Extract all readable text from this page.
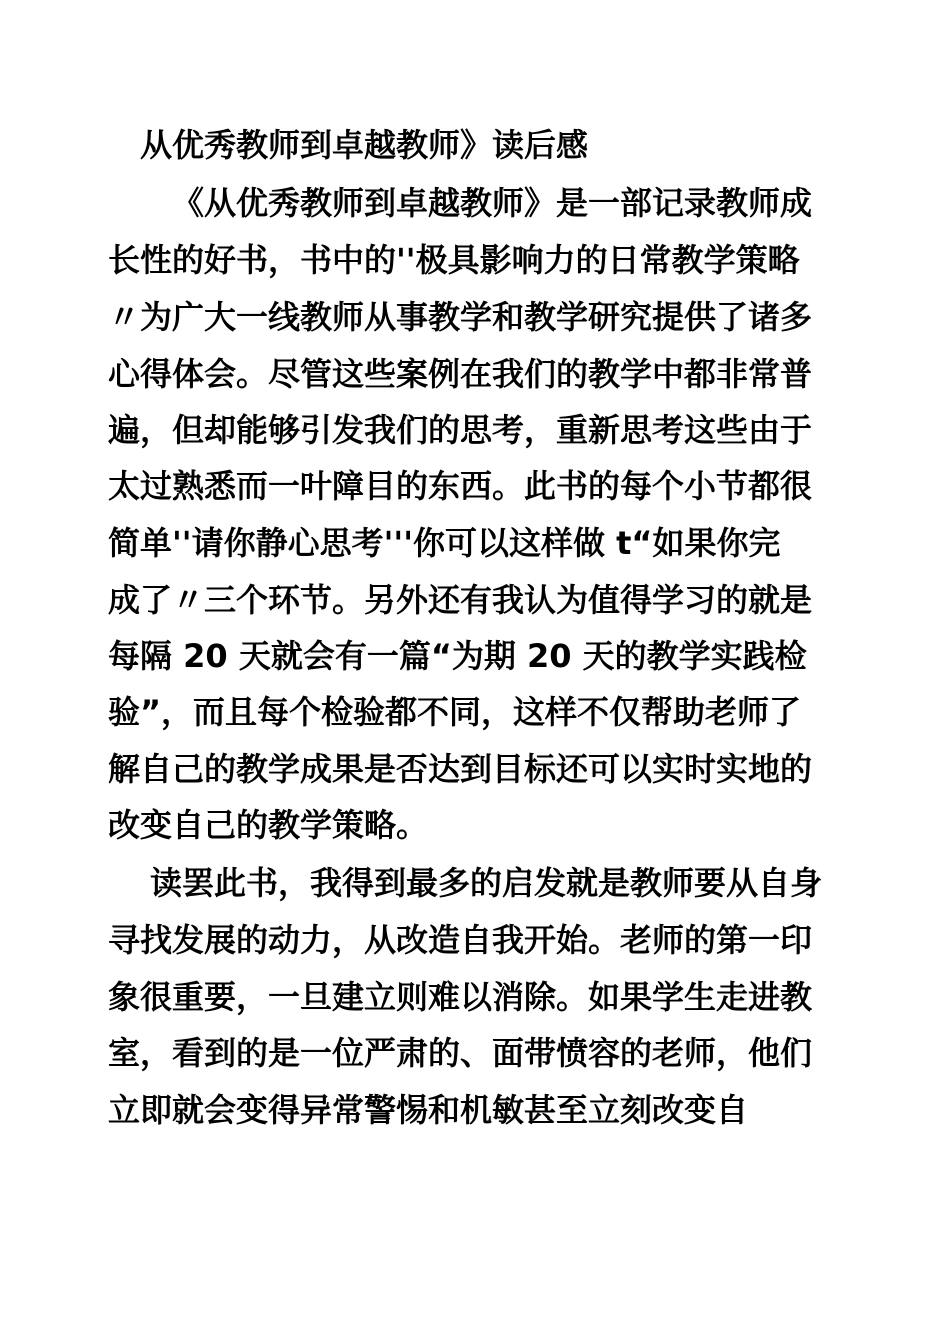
从优秀教师到卓越教师》读后感
《从优秀教师到卓越教师》是一部记录教师成
长性的好书，书中的''极具影响力的日常教学策略
〃为广大一线教师从事教学和教学研究提供了诸多
心得体会。尽管这些案例在我们的教学中都非常普
遍，但却能够引发我们的思考，重新思考这些由于
太过熟悉而一叶障目的东西。此书的每个小节都很
简单''请你静心思考'''你可以这样做 t“如果你完
成了〃三个环节。另外还有我认为值得学习的就是
每隔 20 天就会有一篇“为期 20 天的教学实践检
验”，而且每个检验都不同，这样不仅帮助老师了
解自己的教学成果是否达到目标还可以实时实地的
改变自己的教学策略。
读罢此书，我得到最多的启发就是教师要从自身
寻找发展的动力，从改造自我开始。老师的第一印
象很重要，一旦建立则难以消除。如果学生走进教
室，看到的是一位严肃的、面带愤容的老师，他们
立即就会变得异常警惕和机敏甚至立刻改变自
